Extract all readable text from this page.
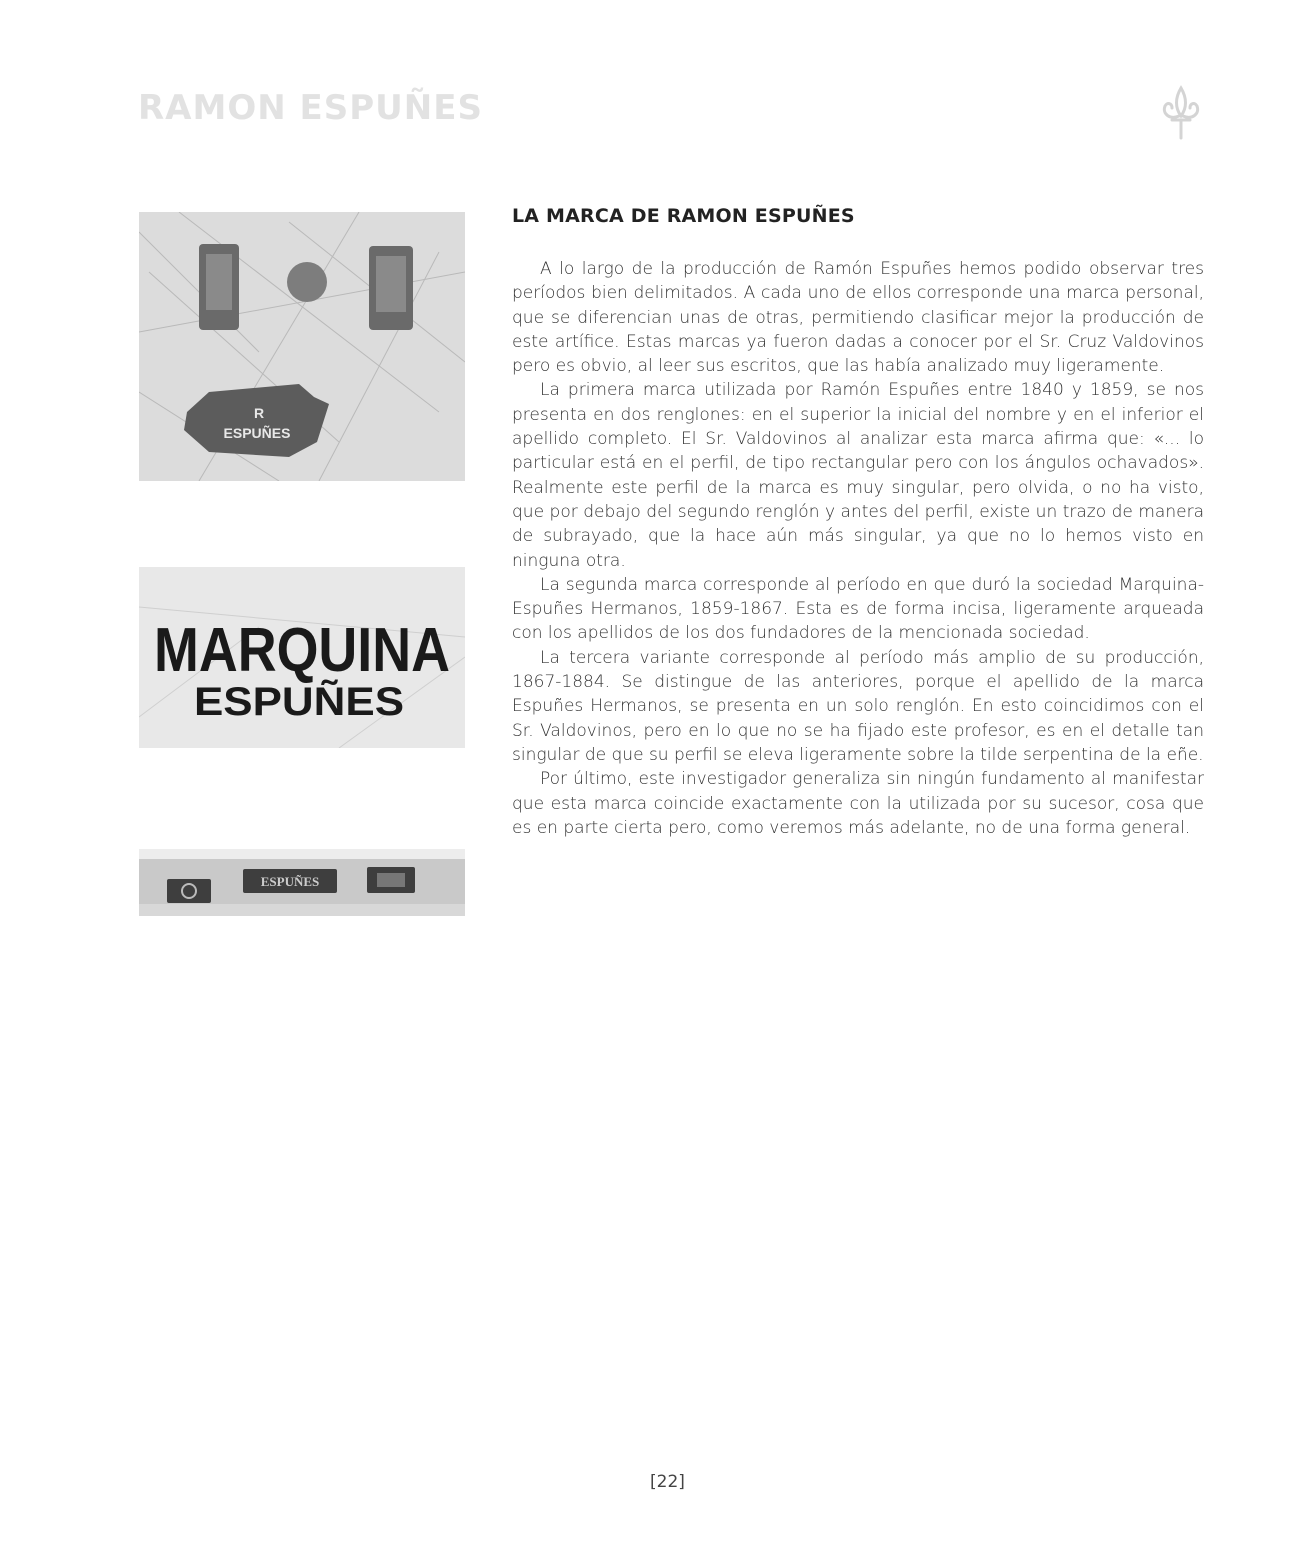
RAMON ESPUÑES
R
ESPUÑES
MARQUINA
ESPUÑES
ESPUÑES
LA MARCA DE RAMON ESPUÑES

A lo largo de la producción de Ramón Espuñes hemos podido observar tres períodos bien delimitados. A cada uno de ellos corresponde una marca personal, que se diferencian unas de otras, permitiendo clasificar mejor la producción de este artífice. Estas marcas ya fueron dadas a conocer por el Sr. Cruz Valdovinos pero es obvio, al leer sus escritos, que las había analizado muy ligeramente.

La primera marca utilizada por Ramón Espuñes entre 1840 y 1859, se nos presenta en dos renglones: en el superior la inicial del nombre y en el inferior el apellido completo. El Sr. Valdovinos al analizar esta marca afirma que: «... lo particular está en el perfil, de tipo rectangular pero con los ángulos ochavados». Realmente este perfil de la marca es muy singular, pero olvida, o no ha visto, que por debajo del segundo renglón y antes del perfil, existe un trazo de manera de subrayado, que la hace aún más singular, ya que no lo hemos visto en ninguna otra.

La segunda marca corresponde al período en que duró la sociedad Marquina-Espuñes Hermanos, 1859-1867. Esta es de forma incisa, ligeramente arqueada con los apellidos de los dos fundadores de la mencionada sociedad.

La tercera variante corresponde al período más amplio de su producción, 1867-1884. Se distingue de las anteriores, porque el apellido de la marca Espuñes Hermanos, se presenta en un solo renglón. En esto coincidimos con el Sr. Valdovinos, pero en lo que no se ha fijado este profesor, es en el detalle tan singular de que su perfil se eleva ligeramente sobre la tilde serpentina de la eñe.

Por último, este investigador generaliza sin ningún fundamento al manifestar que esta marca coincide exactamente con la utilizada por su sucesor, cosa que es en parte cierta pero, como veremos más adelante, no de una forma general.

[22]
